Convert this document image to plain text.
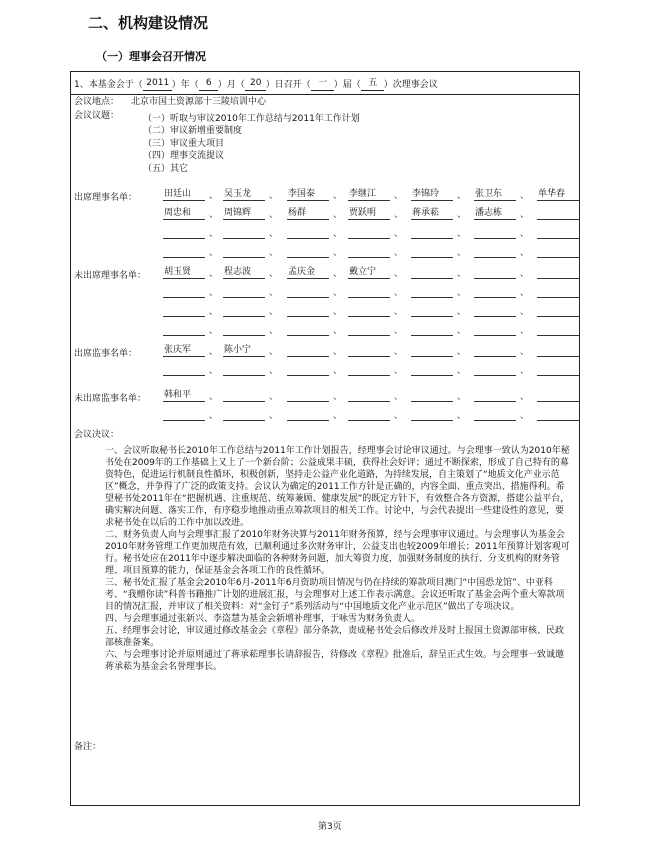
二、机构建设情况
（一）理事会召开情况
1、本基金会于（ 2011 ）年（ 6 ）月（ 20 ）日召开（ 一 ）届（ 五 ）次理事会议
会议地点： 北京市国土资源部十三陵培训中心
会议议题：	（一）听取与审议2010年工作总结与2011年工作计划
（二）审议新增重要制度
（三）审议重大项目
（四）理事交流提议
（五）其它
出席理事名单：	田廷山 、 吴玉龙 、 李国泰 、 李继江 、 李锦玲 、 张卫东 、 单华春
周忠和 、 周锦辉 、 杨群	、 贾跃明 、 蒋承菘 、 潘志栋 、
、	、	、	、	、	、
、	、	、	、	、	、
未出席理事名单： 胡玉贤 、 程志波 、 孟庆金 、 戴立宁 、	、	、
、	、	、	、	、	、
、	、	、	、	、	、
、	、	、	、	、	、
出席监事名单：	张庆军 、 陈小宁 、	、	、	、	、
、	、	、	、	、	、
未出席监事名单： 韩和平 、	、	、	、	、	、
、	、	、	、	、	、
会议决议：

一、会议听取秘书长2010年工作总结与2011年工作计划报告，经理事会讨论审议通过。与会理事一致认为2010年秘书处在2009年的工作基础上又上了一个新台阶；公益成果丰硕，获得社会好评；通过不断探索，形成了自己特有的募资特色，促进运行机制良性循环，积极创新，坚持走公益产业化道路，为持续发展，自主策划了“地质文化产业示范区”概念，并争得了广泛的政策支持。会议认为确定的2011工作方针是正确的，内容全面、重点突出、措施得利。希望秘书处2011年在“把握机遇、注重规范、统筹兼顾、健康发展”的既定方针下，有效整合各方资源，搭建公益平台，确实解决问题、落实工作，有序稳步地推动重点筹款项目的相关工作。讨论中，与会代表提出一些建设性的意见，要求秘书处在以后的工作中加以改进。

二、财务负责人向与会理事汇报了2010年财务决算与2011年财务预算，经与会理事审议通过。与会理事认为基金会2010年财务管理工作更加规范有效，已顺利通过多次财务审计，公益支出也较2009年增长；2011年预算计划客观可行。秘书处应在2011年中逐步解决面临的各种财务问题，加大筹资力度，加强财务制度的执行、分支机构的财务管理、项目预算的能力，保证基金会各项工作的良性循环。

三、秘书处汇报了基金会2010年6月-2011年6月资助项目情况与仍在持续的筹款项目澳门“中国恐龙馆”、中亚科考、“我赠你读”科普书籍推广计划的进展汇报，与会理事对上述工作表示满意。会议还听取了基金会两个重大筹款项目的情况汇报，并审议了相关资料：对“金钉子”系列活动与“中国地质文化产业示范区”做出了专项决议。

四、与会理事通过张新兴、李盗慧为基金会新增补理事，于咏雪为财务负责人。

五、经理事会讨论，审议通过修改基金会《章程》部分条款，责成秘书处会后修改并及时上报国土资源部审核、民政部核准备案。

六、与会理事讨论并原则通过了蒋承菘理事长请辞报告，待修改《章程》批准后，辞呈正式生效。与会理事一致诚邀蒋承菘为基金会名誉理事长。

备注：
第3页
